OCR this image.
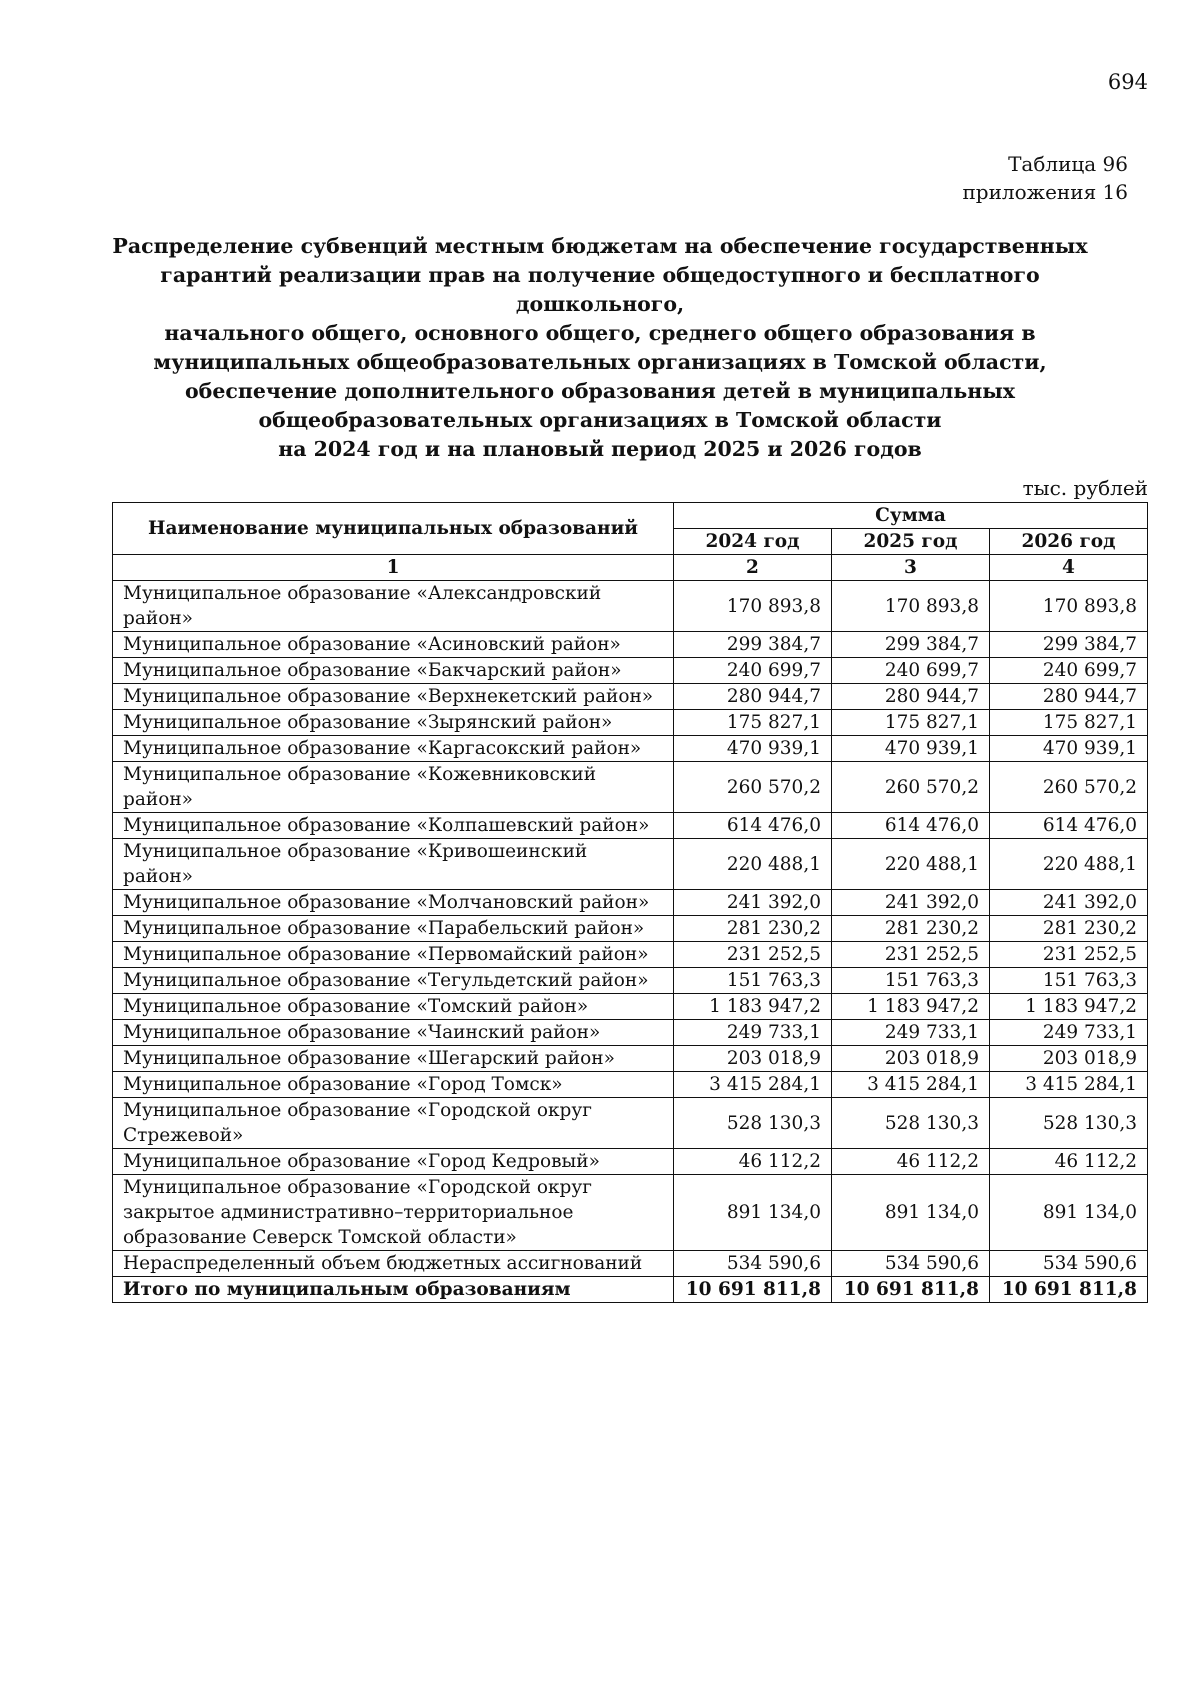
694
Таблица 96
приложения 16
Распределение субвенций местным бюджетам на обеспечение государственных
гарантий реализации прав на получение общедоступного и бесплатного дошкольного,
начального общего, основного общего, среднего общего образования в
муниципальных общеобразовательных организациях в Томской области,
обеспечение дополнительного образования детей в муниципальных
общеобразовательных организациях в Томской области
на 2024 год и на плановый период 2025 и 2026 годов
тыс. рублей
Наименование муниципальных образований	Сумма		
	2024 год	2025 год	2026 год
1	2	3	4
Муниципальное образование «Александровский район»	170 893,8	170 893,8	170 893,8
Муниципальное образование «Асиновский район»	299 384,7	299 384,7	299 384,7
Муниципальное образование «Бакчарский район»	240 699,7	240 699,7	240 699,7
Муниципальное образование «Верхнекетский район»	280 944,7	280 944,7	280 944,7
Муниципальное образование «Зырянский район»	175 827,1	175 827,1	175 827,1
Муниципальное образование «Каргасокский район»	470 939,1	470 939,1	470 939,1
Муниципальное образование «Кожевниковский район»	260 570,2	260 570,2	260 570,2
Муниципальное образование «Колпашевский район»	614 476,0	614 476,0	614 476,0
Муниципальное образование «Кривошеинский район»	220 488,1	220 488,1	220 488,1
Муниципальное образование «Молчановский район»	241 392,0	241 392,0	241 392,0
Муниципальное образование «Парабельский район»	281 230,2	281 230,2	281 230,2
Муниципальное образование «Первомайский район»	231 252,5	231 252,5	231 252,5
Муниципальное образование «Тегульдетский район»	151 763,3	151 763,3	151 763,3
Муниципальное образование «Томский район»	1 183 947,2	1 183 947,2	1 183 947,2
Муниципальное образование «Чаинский район»	249 733,1	249 733,1	249 733,1
Муниципальное образование «Шегарский район»	203 018,9	203 018,9	203 018,9
Муниципальное образование «Город Томск»	3 415 284,1	3 415 284,1	3 415 284,1
Муниципальное образование «Городской округ Стрежевой»	528 130,3	528 130,3	528 130,3
Муниципальное образование «Город Кедровый»	46 112,2	46 112,2	46 112,2
Муниципальное образование «Городской округ закрытое административно–территориальное образование Северск Томской области»	891 134,0	891 134,0	891 134,0
Нераспределенный объем бюджетных ассигнований	534 590,6	534 590,6	534 590,6
Итого по муниципальным образованиям	10 691 811,8	10 691 811,8	10 691 811,8
